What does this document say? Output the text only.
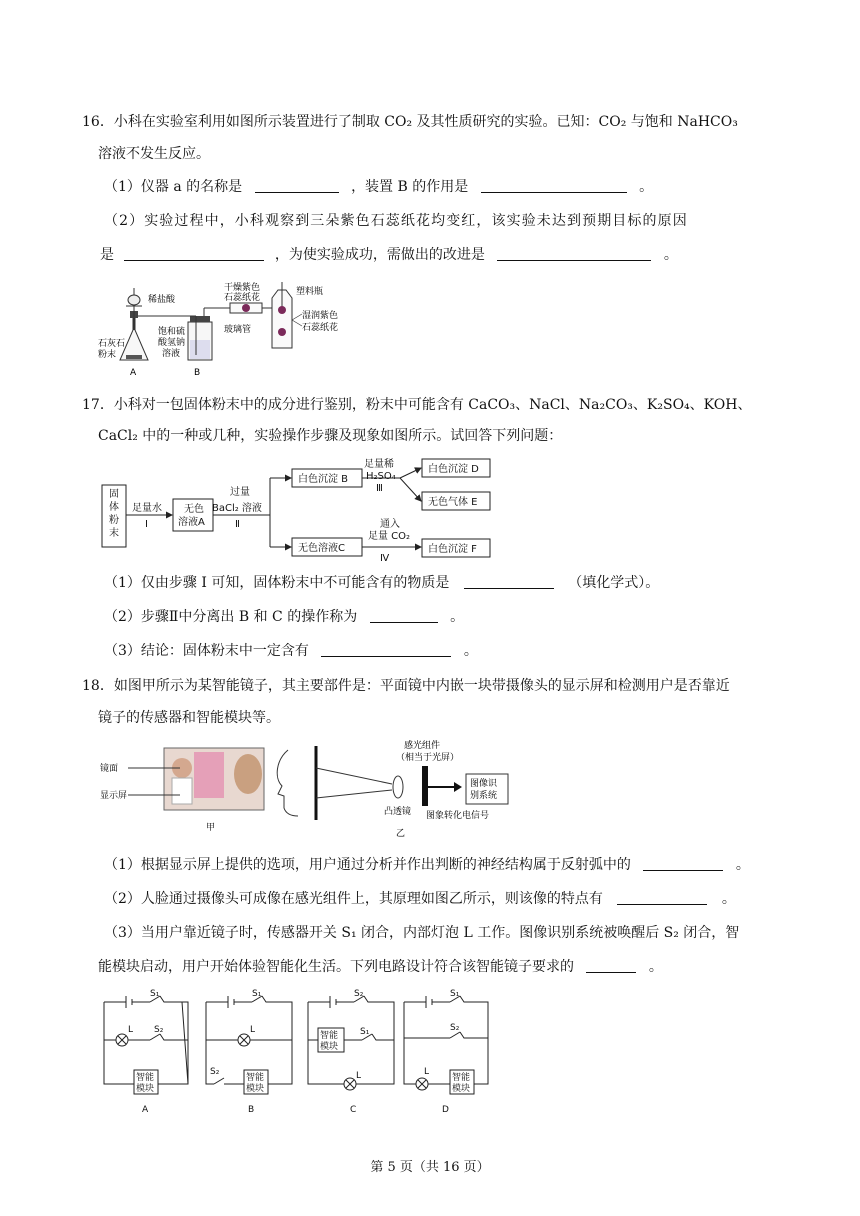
16．小科在实验室利用如图所示装置进行了制取 CO₂ 及其性质研究的实验。已知：CO₂ 与饱和 NaHCO₃
溶液不发生反应。
（1）仪器 a 的名称是	，装置 B 的作用是	。
（2）实验过程中，小科观察到三朵紫色石蕊纸花均变红，该实验未达到预期目标的原因
是	，为使实验成功，需做出的改进是	。
稀盐酸
石灰石
粉末
饱和硫
酸氢钠
溶液
干燥紫色
石蕊纸花
塑料瓶
湿润紫色
石蕊纸花
玻璃管
A	B
17．小科对一包固体粉末中的成分进行鉴别，粉末中可能含有 CaCO₃、NaCl、Na₂CO₃、K₂SO₄、KOH、
CaCl₂ 中的一种或几种，实验操作步骤及现象如图所示。试回答下列问题：
固
体
粉
末
足量水
Ⅰ
无色
溶液A
过量
BaCl₂ 溶液
Ⅱ
白色沉淀 B
足量稀
H₂SO₄
Ⅲ
白色沉淀 D
无色气体 E
无色溶液C
通入
足量 CO₂
Ⅳ
白色沉淀 F
（1）仅由步骤 I 可知，固体粉末中不可能含有的物质是	（填化学式）。
（2）步骤Ⅱ中分离出 B 和 C 的操作称为	。
（3）结论：固体粉末中一定含有	。
18．如图甲所示为某智能镜子，其主要部件是：平面镜中内嵌一块带摄像头的显示屏和检测用户是否靠近
镜子的传感器和智能模块等。
镜面
显示屏
甲
感光组件
（相当于光屏）
凸透镜
图像识
别系统
图象转化电信号
乙
（1）根据显示屏上提供的选项，用户通过分析并作出判断的神经结构属于反射弧中的	。
（2）人脸通过摄像头可成像在感光组件上，其原理如图乙所示，则该像的特点有	。
（3）当用户靠近镜子时，传感器开关 S₁ 闭合，内部灯泡 L 工作。图像识别系统被唤醒后 S₂ 闭合，智
能模块启动，用户开始体验智能化生活。下列电路设计符合该智能镜子要求的	。
S₁
L S₂
智能
模块
A
S₁
L
S₂
智能
模块
B
S₂
S₁
智能
模块
L
C
S₁
S₂
L
智能
模块
D
第 5 页（共 16 页）
